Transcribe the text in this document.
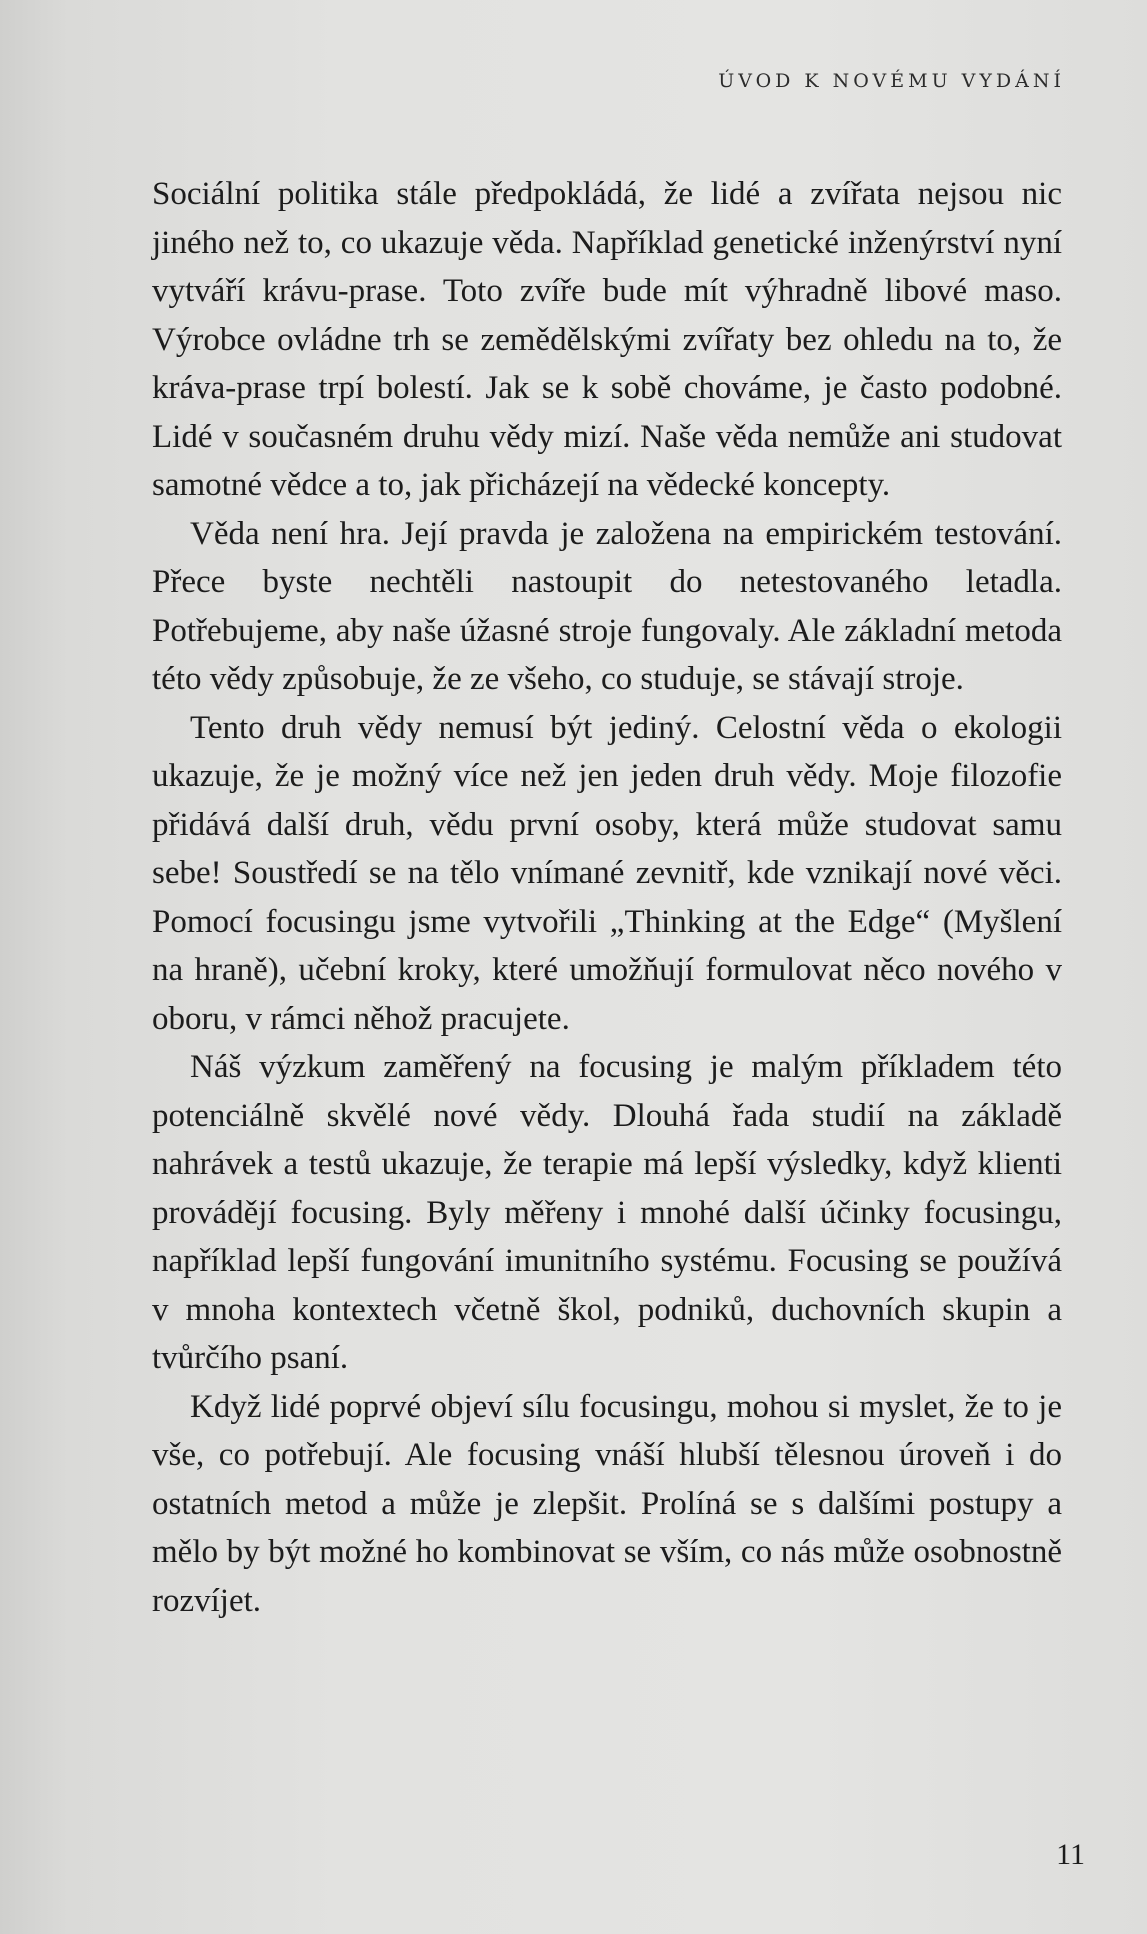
ÚVOD K NOVÉMU VYDÁNÍ

Sociální politika stále předpokládá, že lidé a zvířata nejsou nic jiného než to, co ukazuje věda. Například genetické inženýrství nyní vytváří krávu-prase. Toto zvíře bude mít výhradně libové maso. Výrobce ovládne trh se zemědělskými zvířaty bez ohledu na to, že kráva-prase trpí bolestí. Jak se k sobě chováme, je často podobné. Lidé v současném druhu vědy mizí. Naše věda nemůže ani studovat samotné vědce a to, jak přicházejí na vědecké koncepty.

Věda není hra. Její pravda je založena na empirickém testování. Přece byste nechtěli nastoupit do netestovaného letadla. Potřebujeme, aby naše úžasné stroje fungovaly. Ale základní metoda této vědy způsobuje, že ze všeho, co studuje, se stávají stroje.

Tento druh vědy nemusí být jediný. Celostní věda o ekologii ukazuje, že je možný více než jen jeden druh vědy. Moje filozofie přidává další druh, vědu první osoby, která může studovat samu sebe! Soustředí se na tělo vnímané zevnitř, kde vznikají nové věci. Pomocí focusingu jsme vytvořili „Thinking at the Edge“ (Myšlení na hraně), učební kroky, které umožňují formulovat něco nového v oboru, v rámci něhož pracujete.

Náš výzkum zaměřený na focusing je malým příkladem této potenciálně skvělé nové vědy. Dlouhá řada studií na základě nahrávek a testů ukazuje, že terapie má lepší výsledky, když klienti provádějí focusing. Byly měřeny i mnohé další účinky focusingu, například lepší fungování imunitního systému. Focusing se používá v mnoha kontextech včetně škol, podniků, duchovních skupin a tvůrčího psaní.

Když lidé poprvé objeví sílu focusingu, mohou si myslet, že to je vše, co potřebují. Ale focusing vnáší hlubší tělesnou úroveň i do ostatních metod a může je zlepšit. Prolíná se s dalšími postupy a mělo by být možné ho kombinovat se vším, co nás může osobnostně rozvíjet.

11
